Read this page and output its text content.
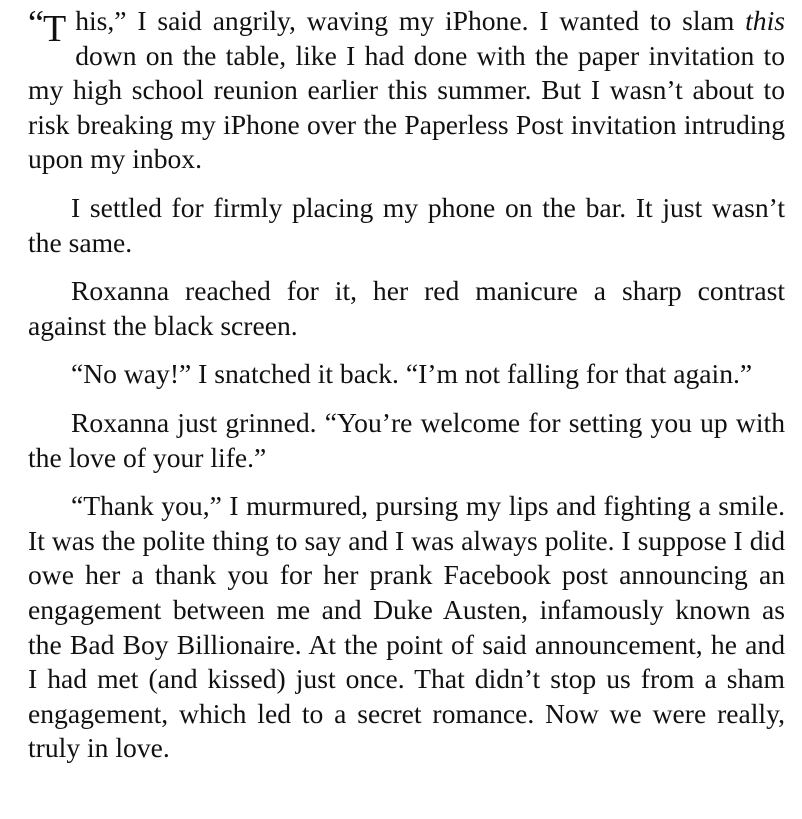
“T his,” I said angrily, waving my iPhone. I wanted to slam this down on the table, like I had done with the paper invitation to my high school reunion earlier this summer. But I wasn’t about to risk breaking my iPhone over the Paperless Post invitation intruding upon my inbox.

I settled for firmly placing my phone on the bar. It just wasn’t the same.

Roxanna reached for it, her red manicure a sharp contrast against the black screen.

“No way!” I snatched it back. “I’m not falling for that again.”

Roxanna just grinned. “You’re welcome for setting you up with the love of your life.”

“Thank you,” I murmured, pursing my lips and fighting a smile. It was the polite thing to say and I was always polite. I suppose I did owe her a thank you for her prank Facebook post announcing an engagement between me and Duke Austen, infamously known as the Bad Boy Billionaire. At the point of said announcement, he and I had met (and kissed) just once. That didn’t stop us from a sham engagement, which led to a secret romance. Now we were really, truly in love.
